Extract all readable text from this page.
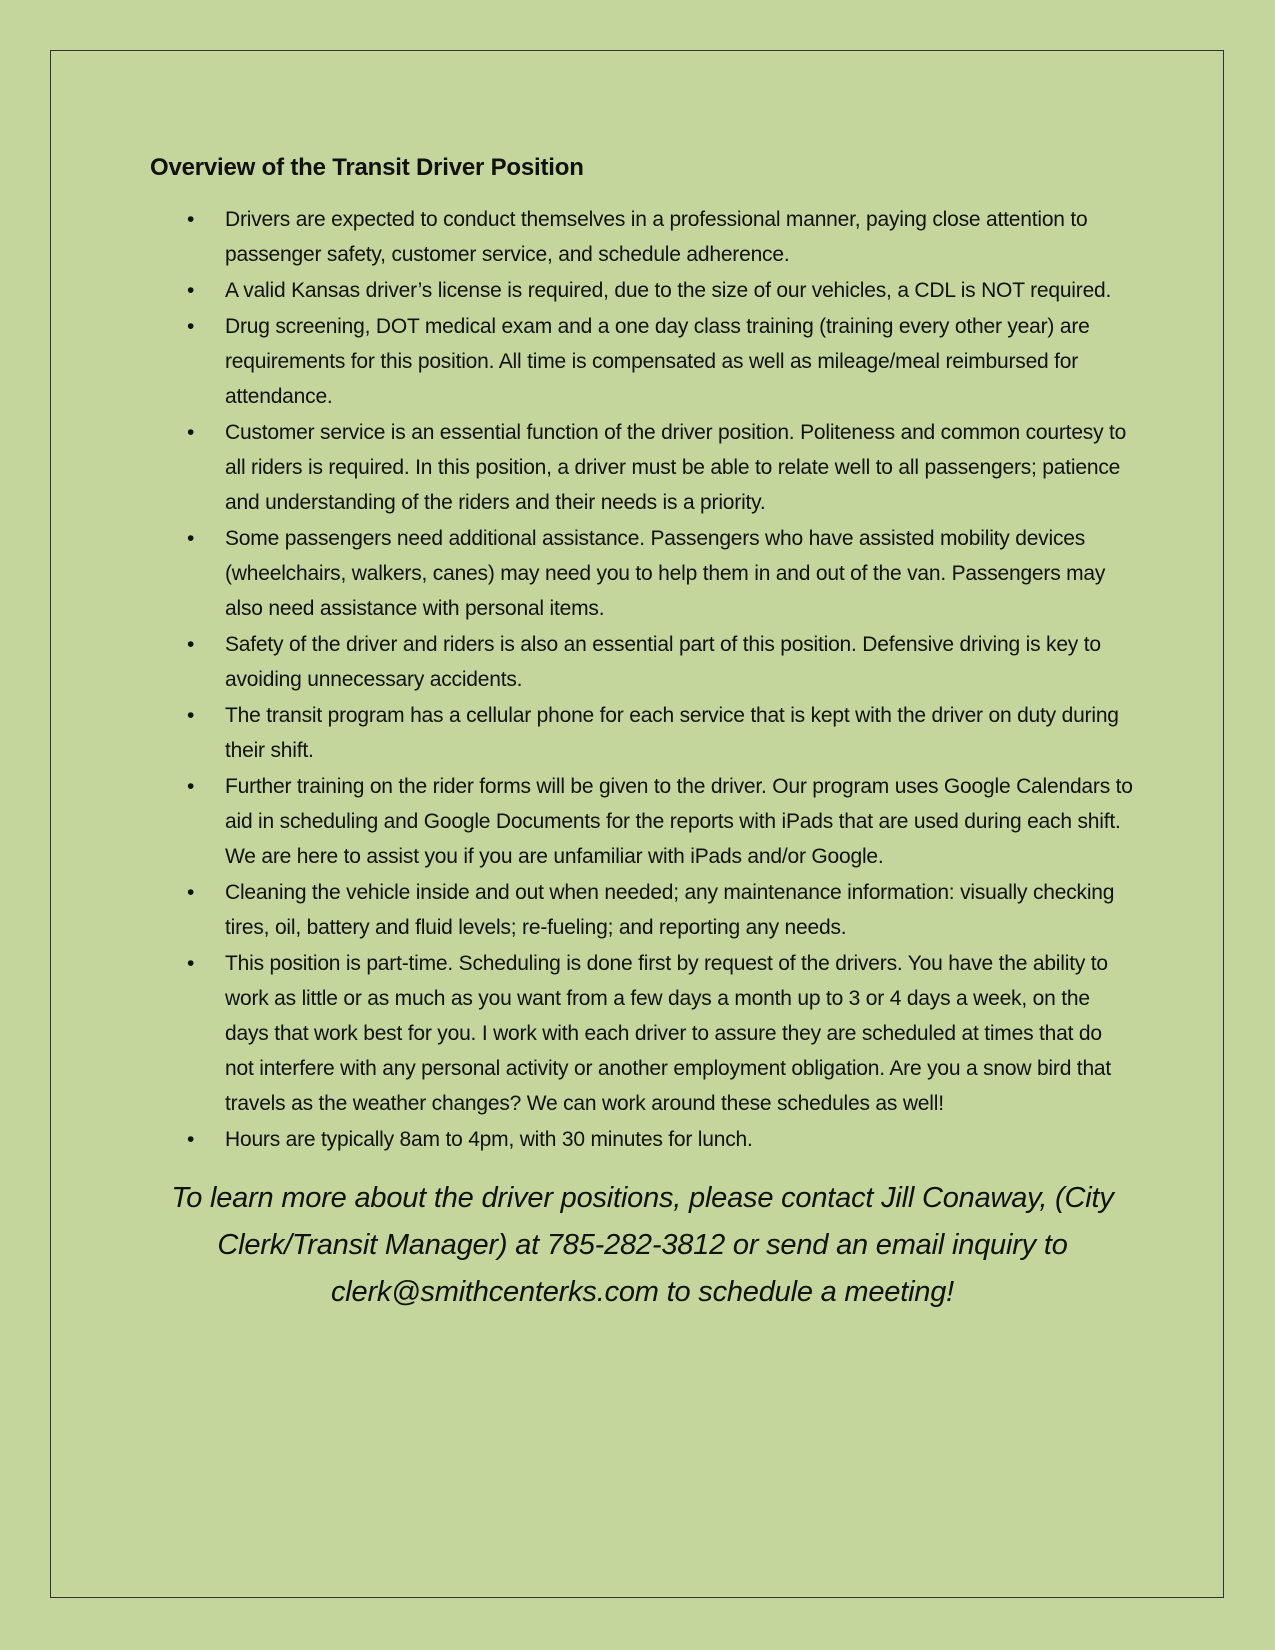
Overview of the Transit Driver Position
• Drivers are expected to conduct themselves in a professional manner, paying close attention to passenger safety, customer service, and schedule adherence.
• A valid Kansas driver’s license is required, due to the size of our vehicles, a CDL is NOT required.
• Drug screening, DOT medical exam and a one day class training (training every other year) are requirements for this position. All time is compensated as well as mileage/meal reimbursed for attendance.
• Customer service is an essential function of the driver position. Politeness and common courtesy to all riders is required. In this position, a driver must be able to relate well to all passengers; patience and understanding of the riders and their needs is a priority.
• Some passengers need additional assistance. Passengers who have assisted mobility devices (wheelchairs, walkers, canes) may need you to help them in and out of the van. Passengers may also need assistance with personal items.
• Safety of the driver and riders is also an essential part of this position. Defensive driving is key to avoiding unnecessary accidents.
• The transit program has a cellular phone for each service that is kept with the driver on duty during their shift.
• Further training on the rider forms will be given to the driver. Our program uses Google Calendars to aid in scheduling and Google Documents for the reports with iPads that are used during each shift. We are here to assist you if you are unfamiliar with iPads and/or Google.
• Cleaning the vehicle inside and out when needed; any maintenance information: visually checking tires, oil, battery and fluid levels; re-fueling; and reporting any needs.
• This position is part-time. Scheduling is done first by request of the drivers. You have the ability to work as little or as much as you want from a few days a month up to 3 or 4 days a week, on the days that work best for you. I work with each driver to assure they are scheduled at times that do not interfere with any personal activity or another employment obligation. Are you a snow bird that travels as the weather changes? We can work around these schedules as well!
• Hours are typically 8am to 4pm, with 30 minutes for lunch.

To learn more about the driver positions, please contact Jill Conaway, (City Clerk/Transit Manager) at 785-282-3812 or send an email inquiry to clerk@smithcenterks.com to schedule a meeting!
